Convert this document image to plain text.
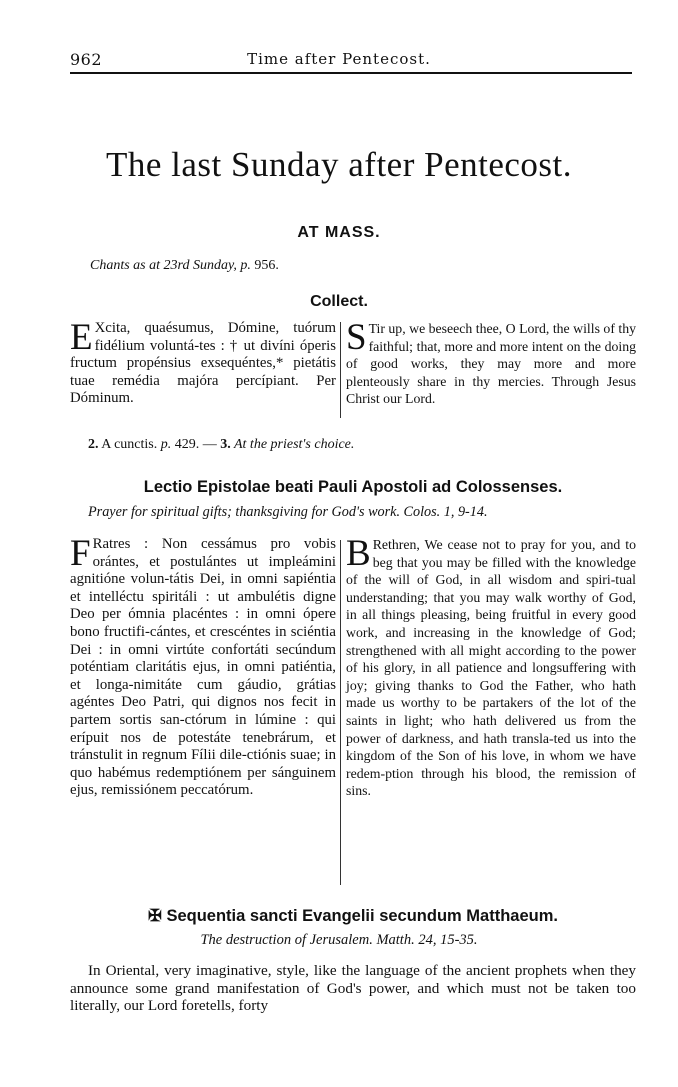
962	Time after Pentecost.
The last Sunday after Pentecost.
AT MASS.
Chants as at 23rd Sunday, p. 956.
Collect.

E Xcita, quaésumus, Dómine, tuórum fidélium voluntá-tes : † ut divíni óperis fructum propénsius exsequéntes,* pietátis tuae remédia majóra percípiant. Per Dóminum.

S Tir up, we beseech thee, O Lord, the wills of thy faithful; that, more and more intent on the doing of good works, they may more and more plenteously share in thy mercies. Through Jesus Christ our Lord.

2. A cunctis. p. 429. — 3. At the priest's choice.
Lectio Epistolae beati Pauli Apostoli ad Colossenses.
Prayer for spiritual gifts; thanksgiving for God's work. Colos. 1, 9-14.

F Ratres : Non cessámus pro vobis orántes, et postulántes ut impleámini agnitióne volun-tátis Dei, in omni sapiéntia et intelléctu spiritáli : ut ambulétis digne Deo per ómnia placéntes : in omni ópere bono fructifi-cántes, et crescéntes in sciéntia Dei : in omni virtúte confortáti secúndum poténtiam claritátis ejus, in omni patiéntia, et longa-nimitáte cum gáudio, grátias agéntes Deo Patri, qui dignos nos fecit in partem sortis san-ctórum in lúmine : qui erípuit nos de potestáte tenebrárum, et tránstulit in regnum Fílii dile-ctiónis suae; in quo habémus redemptiónem per sánguinem ejus, remissiónem peccatórum.

B Rethren, We cease not to pray for you, and to beg that you may be filled with the knowledge of the will of God, in all wisdom and spiri-tual understanding; that you may walk worthy of God, in all things pleasing, being fruitful in every good work, and increasing in the knowledge of God; strengthened with all might according to the power of his glory, in all patience and longsuffering with joy; giving thanks to God the Father, who hath made us worthy to be partakers of the lot of the saints in light; who hath delivered us from the power of darkness, and hath transla-ted us into the kingdom of the Son of his love, in whom we have redem-ption through his blood, the remission of sins.

✠ Sequentia sancti Evangelii secundum Matthaeum.
The destruction of Jerusalem. Matth. 24, 15-35.

In Oriental, very imaginative, style, like the language of the ancient prophets when they announce some grand manifestation of God's power, and which must not be taken too literally, our Lord foretells, forty
